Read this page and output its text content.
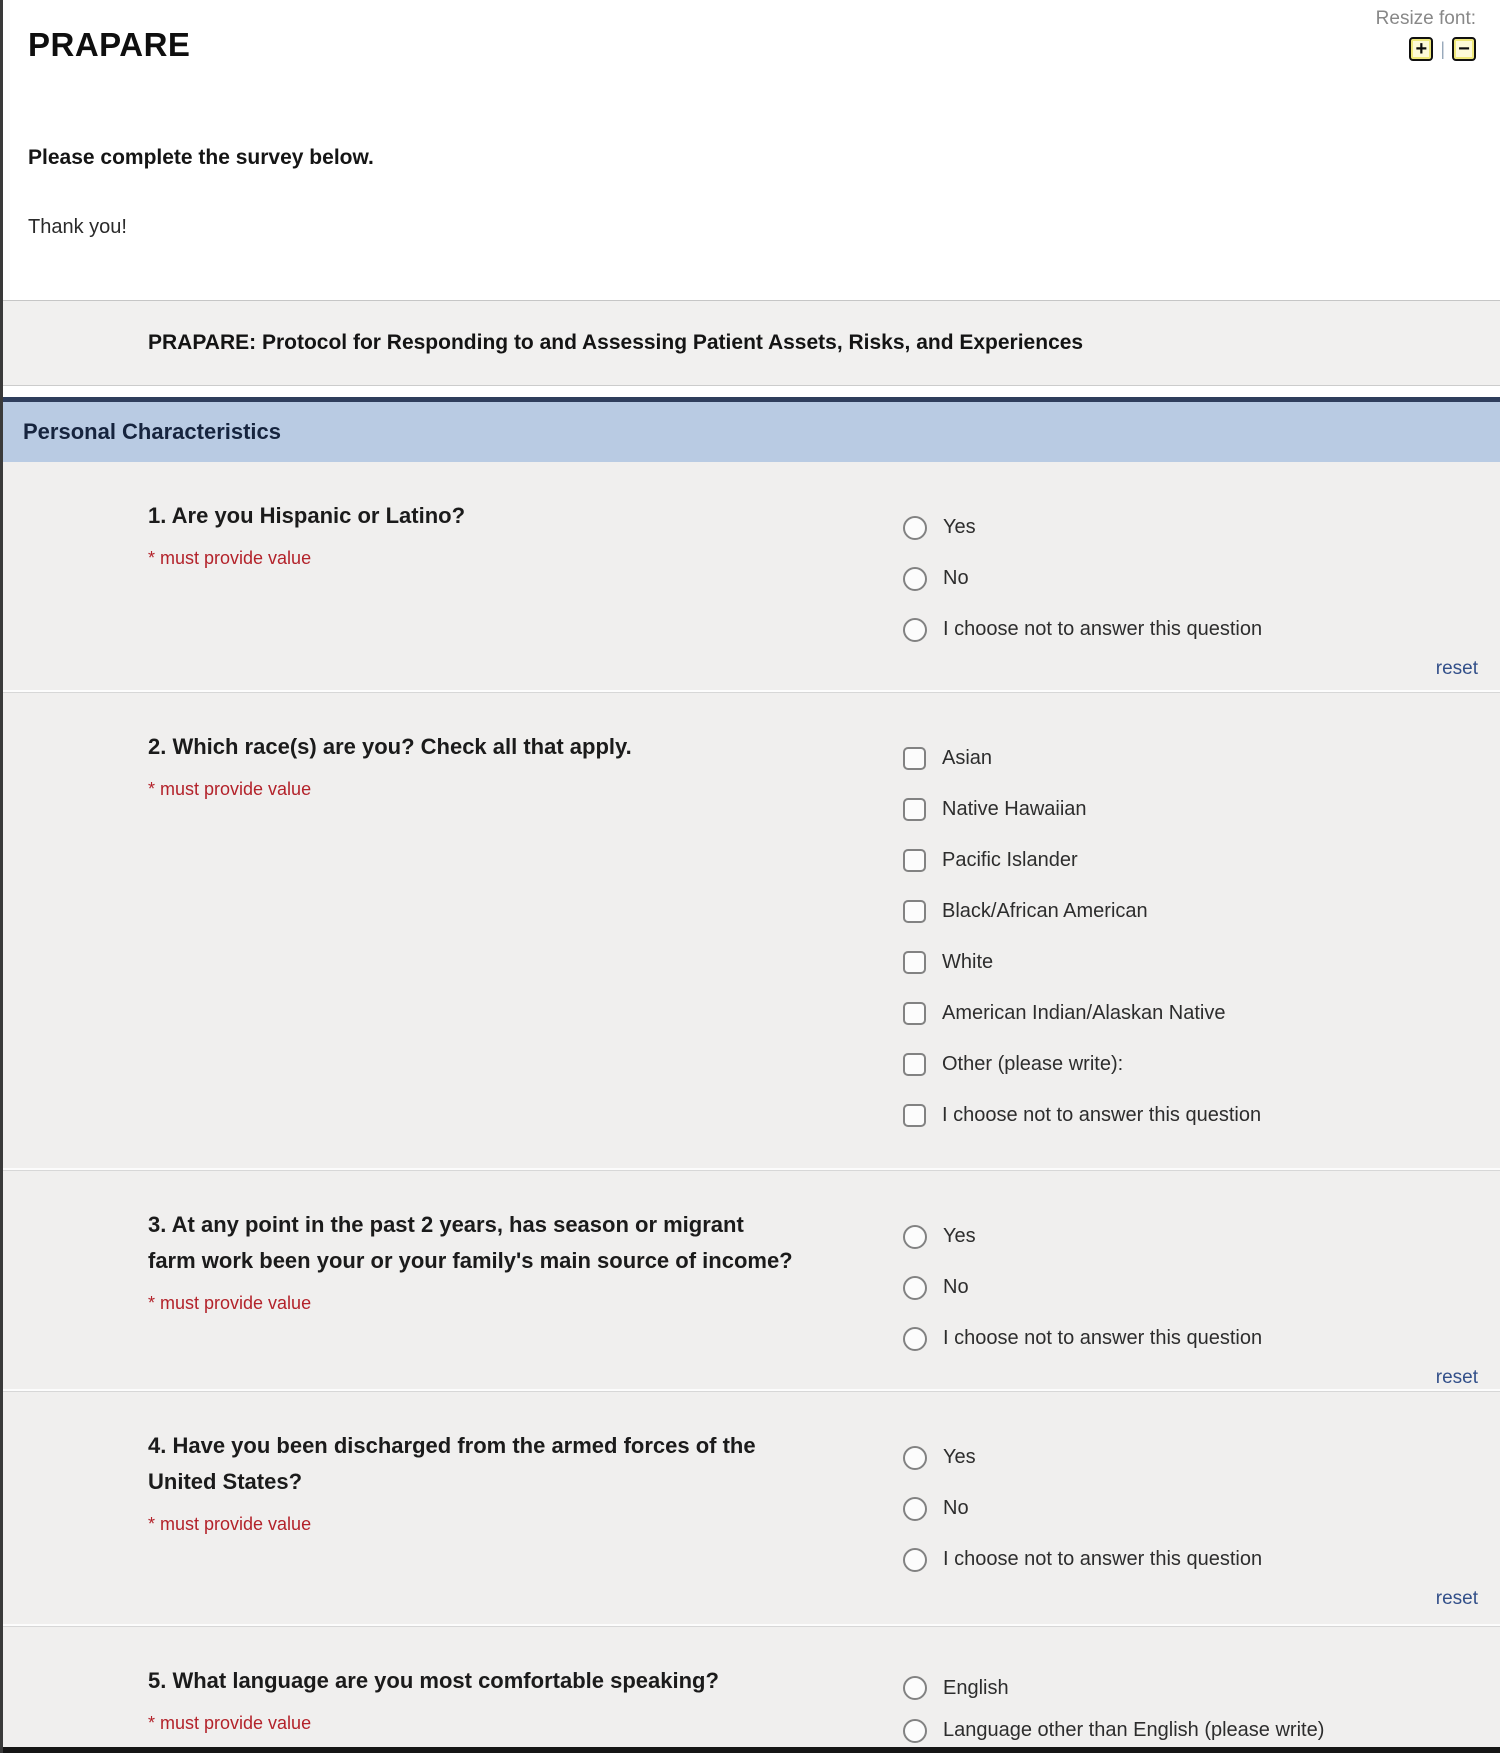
PRAPARE
Resize font:
+ | −
Please complete the survey below.
Thank you!
PRAPARE: Protocol for Responding to and Assessing Patient Assets, Risks, and Experiences
Personal Characteristics
1. Are you Hispanic or Latino?
* must provide value
Yes
No
I choose not to answer this question
reset
2. Which race(s) are you? Check all that apply.
* must provide value
Asian
Native Hawaiian
Pacific Islander
Black/African American
White
American Indian/Alaskan Native
Other (please write):
I choose not to answer this question
3. At any point in the past 2 years, has season or migrant farm work been your or your family's main source of income?
* must provide value
Yes
No
I choose not to answer this question
reset
4. Have you been discharged from the armed forces of the United States?
* must provide value
Yes
No
I choose not to answer this question
reset
5. What language are you most comfortable speaking?
* must provide value
English
Language other than English (please write)
